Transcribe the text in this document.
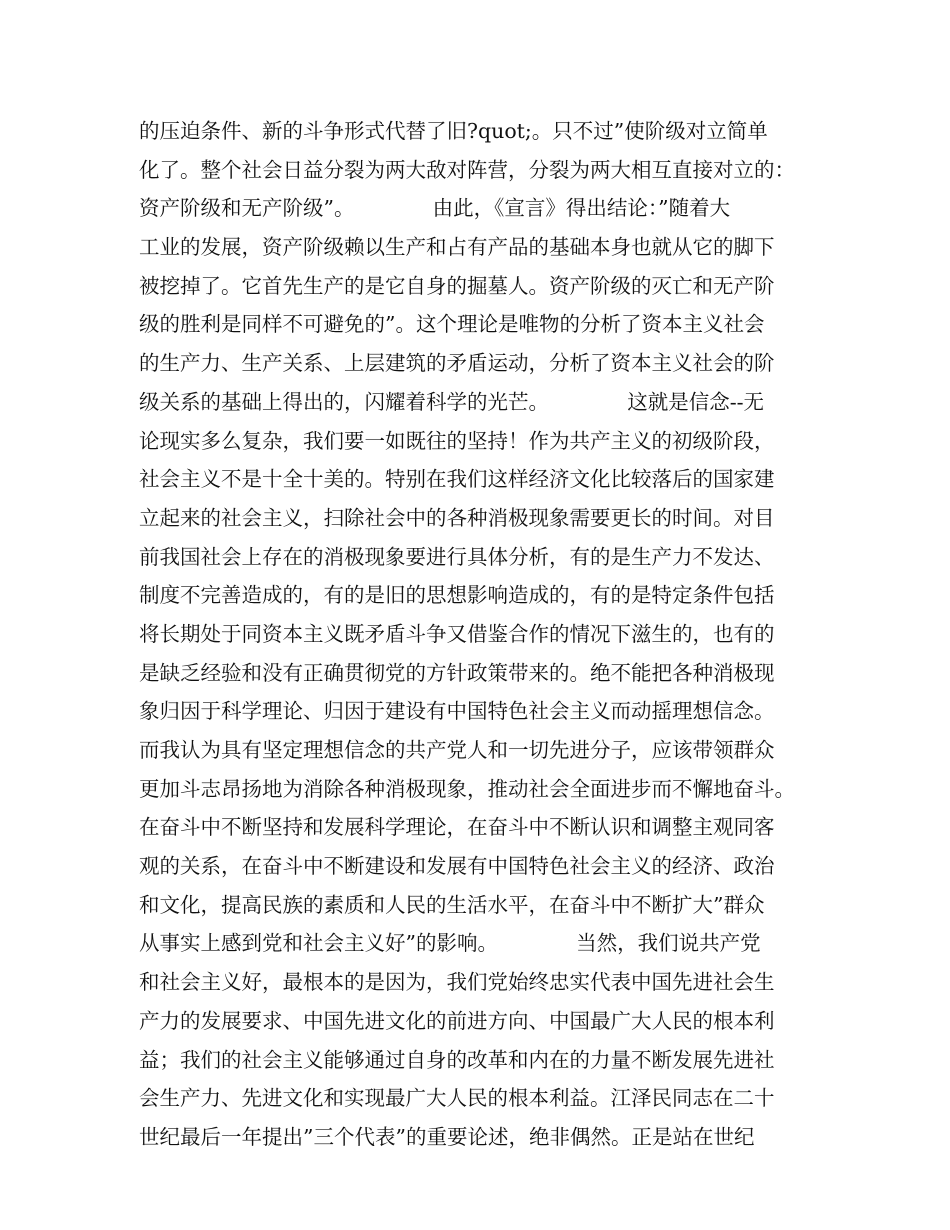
的压迫条件、新的斗争形式代替了旧?quot;。只不过”使阶级对立简单
化了。整个社会日益分裂为两大敌对阵营，分裂为两大相互直接对立的：
资产阶级和无产阶级”。            由此，《宣言》得出结论：”随着大
工业的发展，资产阶级赖以生产和占有产品的基础本身也就从它的脚下
被挖掉了。它首先生产的是它自身的掘墓人。资产阶级的灭亡和无产阶
级的胜利是同样不可避免的”。这个理论是唯物的分析了资本主义社会
的生产力、生产关系、上层建筑的矛盾运动，分析了资本主义社会的阶
级关系的基础上得出的，闪耀着科学的光芒。            这就是信念--无
论现实多么复杂，我们要一如既往的坚持！作为共产主义的初级阶段，
社会主义不是十全十美的。特别在我们这样经济文化比较落后的国家建
立起来的社会主义，扫除社会中的各种消极现象需要更长的时间。对目
前我国社会上存在的消极现象要进行具体分析，有的是生产力不发达、
制度不完善造成的，有的是旧的思想影响造成的，有的是特定条件包括
将长期处于同资本主义既矛盾斗争又借鉴合作的情况下滋生的，也有的
是缺乏经验和没有正确贯彻党的方针政策带来的。绝不能把各种消极现
象归因于科学理论、归因于建设有中国特色社会主义而动摇理想信念。
而我认为具有坚定理想信念的共产党人和一切先进分子，应该带领群众
更加斗志昂扬地为消除各种消极现象，推动社会全面进步而不懈地奋斗。
在奋斗中不断坚持和发展科学理论，在奋斗中不断认识和调整主观同客
观的关系，在奋斗中不断建设和发展有中国特色社会主义的经济、政治
和文化，提高民族的素质和人民的生活水平，在奋斗中不断扩大”群众
从事实上感到党和社会主义好”的影响。            当然，我们说共产党
和社会主义好，最根本的是因为，我们党始终忠实代表中国先进社会生
产力的发展要求、中国先进文化的前进方向、中国最广大人民的根本利
益；我们的社会主义能够通过自身的改革和内在的力量不断发展先进社
会生产力、先进文化和实现最广大人民的根本利益。江泽民同志在二十
世纪最后一年提出”三个代表”的重要论述，绝非偶然。正是站在世纪
